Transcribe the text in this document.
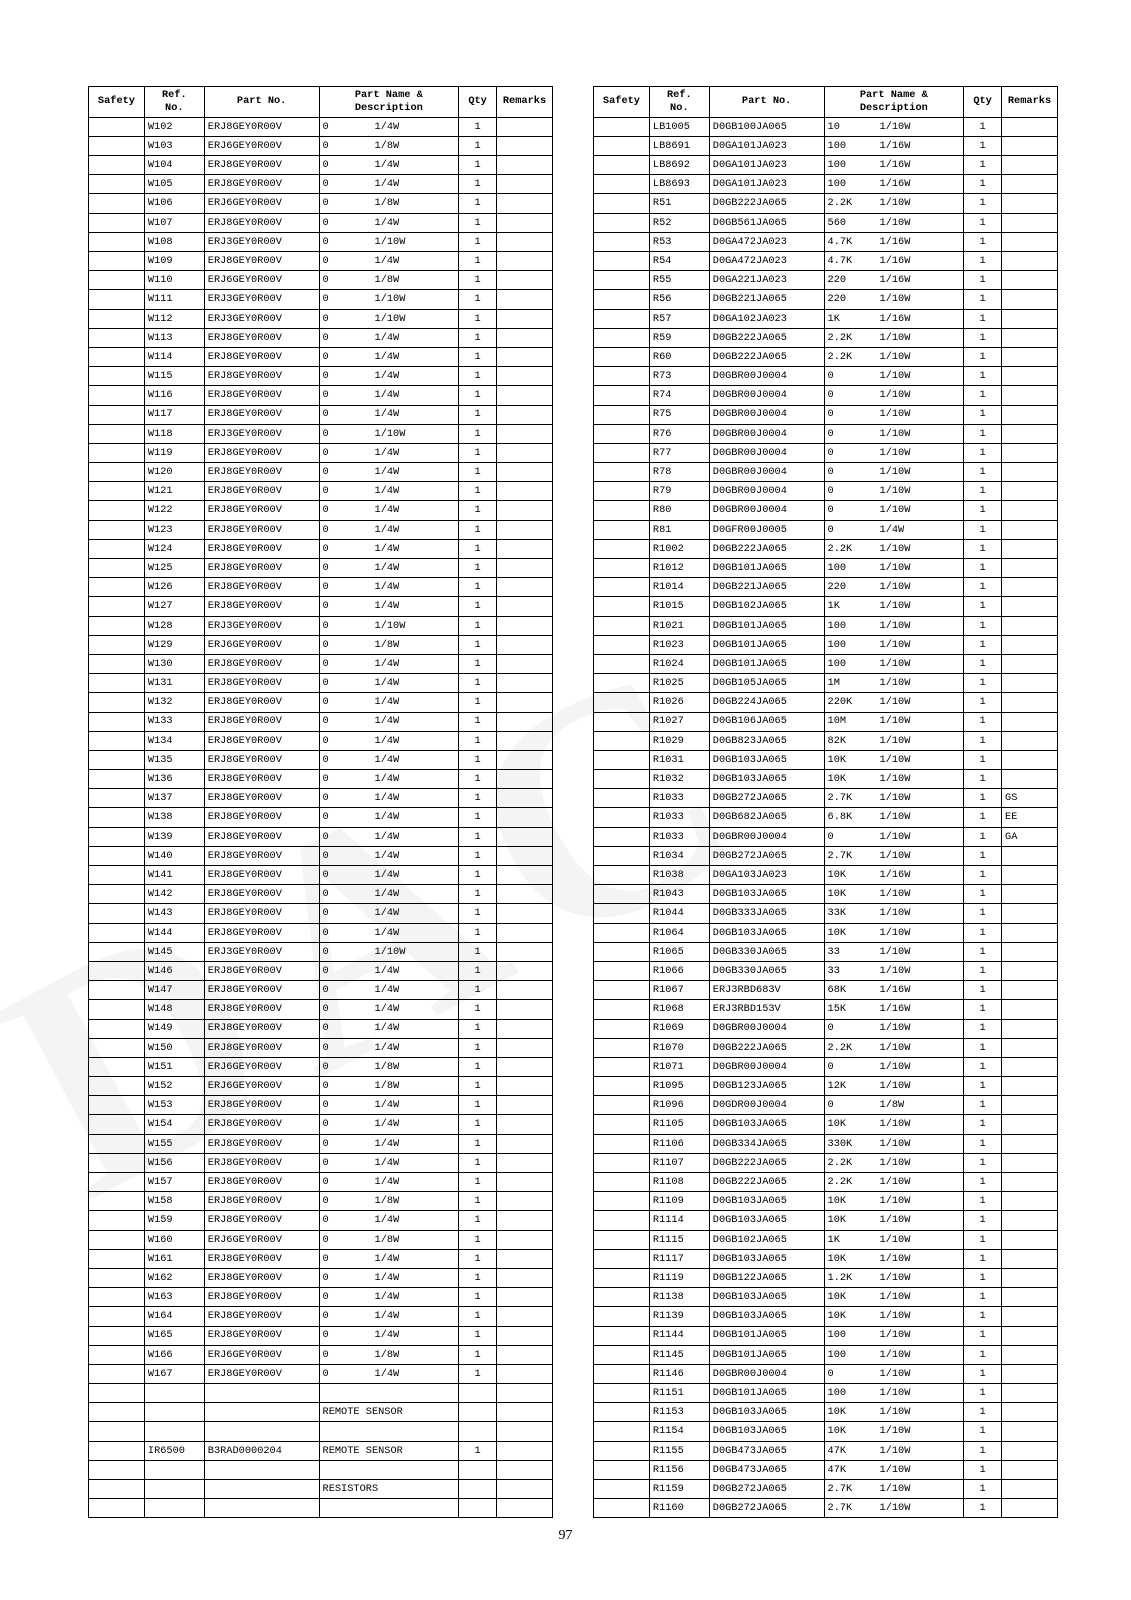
Safety	Ref.
No.	Part No.	Part Name &
Description	Qty	Remarks
	W102	ERJ8GEY0R00V	0 1/4W	1	
	W103	ERJ6GEY0R00V	0 1/8W	1	
	W104	ERJ8GEY0R00V	0 1/4W	1	
	W105	ERJ8GEY0R00V	0 1/4W	1	
	W106	ERJ6GEY0R00V	0 1/8W	1	
	W107	ERJ8GEY0R00V	0 1/4W	1	
	W108	ERJ3GEY0R00V	0 1/10W	1	
	W109	ERJ8GEY0R00V	0 1/4W	1	
	W110	ERJ6GEY0R00V	0 1/8W	1	
	W111	ERJ3GEY0R00V	0 1/10W	1	
	W112	ERJ3GEY0R00V	0 1/10W	1	
	W113	ERJ8GEY0R00V	0 1/4W	1	
	W114	ERJ8GEY0R00V	0 1/4W	1	
	W115	ERJ8GEY0R00V	0 1/4W	1	
	W116	ERJ8GEY0R00V	0 1/4W	1	
	W117	ERJ8GEY0R00V	0 1/4W	1	
	W118	ERJ3GEY0R00V	0 1/10W	1	
	W119	ERJ8GEY0R00V	0 1/4W	1	
	W120	ERJ8GEY0R00V	0 1/4W	1	
	W121	ERJ8GEY0R00V	0 1/4W	1	
	W122	ERJ8GEY0R00V	0 1/4W	1	
	W123	ERJ8GEY0R00V	0 1/4W	1	
	W124	ERJ8GEY0R00V	0 1/4W	1	
	W125	ERJ8GEY0R00V	0 1/4W	1	
	W126	ERJ8GEY0R00V	0 1/4W	1	
	W127	ERJ8GEY0R00V	0 1/4W	1	
	W128	ERJ3GEY0R00V	0 1/10W	1	
	W129	ERJ6GEY0R00V	0 1/8W	1	
	W130	ERJ8GEY0R00V	0 1/4W	1	
	W131	ERJ8GEY0R00V	0 1/4W	1	
	W132	ERJ8GEY0R00V	0 1/4W	1	
	W133	ERJ8GEY0R00V	0 1/4W	1	
	W134	ERJ8GEY0R00V	0 1/4W	1	
	W135	ERJ8GEY0R00V	0 1/4W	1	
	W136	ERJ8GEY0R00V	0 1/4W	1	
	W137	ERJ8GEY0R00V	0 1/4W	1	
	W138	ERJ8GEY0R00V	0 1/4W	1	
	W139	ERJ8GEY0R00V	0 1/4W	1	
	W140	ERJ8GEY0R00V	0 1/4W	1	
	W141	ERJ8GEY0R00V	0 1/4W	1	
	W142	ERJ8GEY0R00V	0 1/4W	1	
	W143	ERJ8GEY0R00V	0 1/4W	1	
	W144	ERJ8GEY0R00V	0 1/4W	1	
	W145	ERJ3GEY0R00V	0 1/10W	1	
	W146	ERJ8GEY0R00V	0 1/4W	1	
	W147	ERJ8GEY0R00V	0 1/4W	1	
	W148	ERJ8GEY0R00V	0 1/4W	1	
	W149	ERJ8GEY0R00V	0 1/4W	1	
	W150	ERJ8GEY0R00V	0 1/4W	1	
	W151	ERJ6GEY0R00V	0 1/8W	1	
	W152	ERJ6GEY0R00V	0 1/8W	1	
	W153	ERJ8GEY0R00V	0 1/4W	1	
	W154	ERJ8GEY0R00V	0 1/4W	1	
	W155	ERJ8GEY0R00V	0 1/4W	1	
	W156	ERJ8GEY0R00V	0 1/4W	1	
	W157	ERJ8GEY0R00V	0 1/4W	1	
	W158	ERJ8GEY0R00V	0 1/8W	1	
	W159	ERJ8GEY0R00V	0 1/4W	1	
	W160	ERJ6GEY0R00V	0 1/8W	1	
	W161	ERJ8GEY0R00V	0 1/4W	1	
	W162	ERJ8GEY0R00V	0 1/4W	1	
	W163	ERJ8GEY0R00V	0 1/4W	1	
	W164	ERJ8GEY0R00V	0 1/4W	1	
	W165	ERJ8GEY0R00V	0 1/4W	1	
	W166	ERJ6GEY0R00V	0 1/8W	1	
	W167	ERJ8GEY0R00V	0 1/4W	1	

			REMOTE SENSOR		

	IR6500	B3RAD0000204	REMOTE SENSOR	1	

			RESISTORS		

Safety	Ref.
No.	Part No.	Part Name &
Description	Qty	Remarks
	LB1005	D0GB100JA065	10 1/10W	1	
	LB8691	D0GA101JA023	100 1/16W	1	
	LB8692	D0GA101JA023	100 1/16W	1	
	LB8693	D0GA101JA023	100 1/16W	1	
	R51	D0GB222JA065	2.2K 1/10W	1	
	R52	D0GB561JA065	560 1/10W	1	
	R53	D0GA472JA023	4.7K 1/16W	1	
	R54	D0GA472JA023	4.7K 1/16W	1	
	R55	D0GA221JA023	220 1/16W	1	
	R56	D0GB221JA065	220 1/10W	1	
	R57	D0GA102JA023	1K 1/16W	1	
	R59	D0GB222JA065	2.2K 1/10W	1	
	R60	D0GB222JA065	2.2K 1/10W	1	
	R73	D0GBR00J0004	0 1/10W	1	
	R74	D0GBR00J0004	0 1/10W	1	
	R75	D0GBR00J0004	0 1/10W	1	
	R76	D0GBR00J0004	0 1/10W	1	
	R77	D0GBR00J0004	0 1/10W	1	
	R78	D0GBR00J0004	0 1/10W	1	
	R79	D0GBR00J0004	0 1/10W	1	
	R80	D0GBR00J0004	0 1/10W	1	
	R81	D0GFR00J0005	0 1/4W	1	
	R1002	D0GB222JA065	2.2K 1/10W	1	
	R1012	D0GB101JA065	100 1/10W	1	
	R1014	D0GB221JA065	220 1/10W	1	
	R1015	D0GB102JA065	1K 1/10W	1	
	R1021	D0GB101JA065	100 1/10W	1	
	R1023	D0GB101JA065	100 1/10W	1	
	R1024	D0GB101JA065	100 1/10W	1	
	R1025	D0GB105JA065	1M 1/10W	1	
	R1026	D0GB224JA065	220K 1/10W	1	
	R1027	D0GB106JA065	10M 1/10W	1	
	R1029	D0GB823JA065	82K 1/10W	1	
	R1031	D0GB103JA065	10K 1/10W	1	
	R1032	D0GB103JA065	10K 1/10W	1	
	R1033	D0GB272JA065	2.7K 1/10W	1	GS
	R1033	D0GB682JA065	6.8K 1/10W	1	EE
	R1033	D0GBR00J0004	0 1/10W	1	GA
	R1034	D0GB272JA065	2.7K 1/10W	1	
	R1038	D0GA103JA023	10K 1/16W	1	
	R1043	D0GB103JA065	10K 1/10W	1	
	R1044	D0GB333JA065	33K 1/10W	1	
	R1064	D0GB103JA065	10K 1/10W	1	
	R1065	D0GB330JA065	33 1/10W	1	
	R1066	D0GB330JA065	33 1/10W	1	
	R1067	ERJ3RBD683V	68K 1/16W	1	
	R1068	ERJ3RBD153V	15K 1/16W	1	
	R1069	D0GBR00J0004	0 1/10W	1	
	R1070	D0GB222JA065	2.2K 1/10W	1	
	R1071	D0GBR00J0004	0 1/10W	1	
	R1095	D0GB123JA065	12K 1/10W	1	
	R1096	D0GDR00J0004	0 1/8W	1	
	R1105	D0GB103JA065	10K 1/10W	1	
	R1106	D0GB334JA065	330K 1/10W	1	
	R1107	D0GB222JA065	2.2K 1/10W	1	
	R1108	D0GB222JA065	2.2K 1/10W	1	
	R1109	D0GB103JA065	10K 1/10W	1	
	R1114	D0GB103JA065	10K 1/10W	1	
	R1115	D0GB102JA065	1K 1/10W	1	
	R1117	D0GB103JA065	10K 1/10W	1	
	R1119	D0GB122JA065	1.2K 1/10W	1	
	R1138	D0GB103JA065	10K 1/10W	1	
	R1139	D0GB103JA065	10K 1/10W	1	
	R1144	D0GB101JA065	100 1/10W	1	
	R1145	D0GB101JA065	100 1/10W	1	
	R1146	D0GBR00J0004	0 1/10W	1	
	R1151	D0GB101JA065	100 1/10W	1	
	R1153	D0GB103JA065	10K 1/10W	1	
	R1154	D0GB103JA065	10K 1/10W	1	
	R1155	D0GB473JA065	47K 1/10W	1	
	R1156	D0GB473JA065	47K 1/10W	1	
	R1159	D0GB272JA065	2.7K 1/10W	1	
	R1160	D0GB272JA065	2.7K 1/10W	1	
97
